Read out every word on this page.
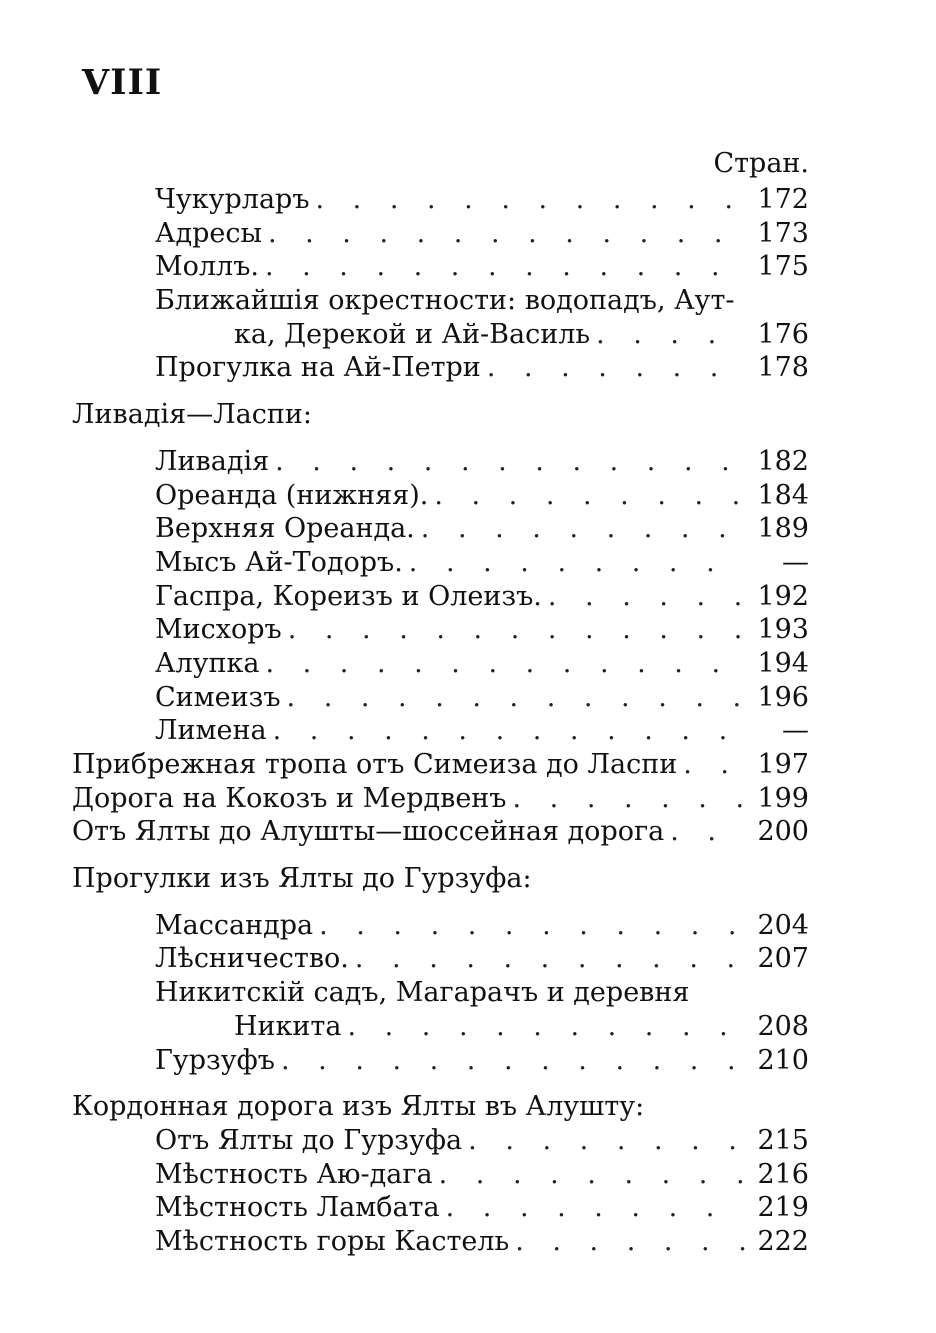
VIII
Стран.
Чукурларъ . . .	172
Адресы . . .	173
Моллъ. . . .	175
Ближайшія окрестности: водопадъ, Аут-
ка, Дерекой и Ай-Василь . . .	176
Прогулка на Ай-Петри . . .	178
Ливадія—Ласпи:
Ливадія . . .	182
Ореанда (нижняя). . . .	184
Верхняя Ореанда. . . .	189
Мысъ Ай-Тодоръ. . . .	—
Гаспра, Кореизъ и Олеизъ. . . .	192
Мисхоръ . . .	193
Алупка . . .	194
Симеизъ . . .	196
Лимена . . .	—
Прибрежная тропа отъ Симеиза до Ласпи . . .	197
Дорога на Кокозъ и Мердвенъ . . .	199
Отъ Ялты до Алушты—шоссейная дорога . . .	200
Прогулки изъ Ялты до Гурзуфа:
Массандра . . .	204
Лѣсничество. . . .	207
Никитскій садъ, Магарачъ и деревня
Никита . . .	208
Гурзуфъ . . .	210
Кордонная дорога изъ Ялты въ Алушту:
Отъ Ялты до Гурзуфа . . .	215
Мѣстность Аю-дага . . .	216
Мѣстность Ламбата . . .	219
Мѣстность горы Кастель . . .	222
